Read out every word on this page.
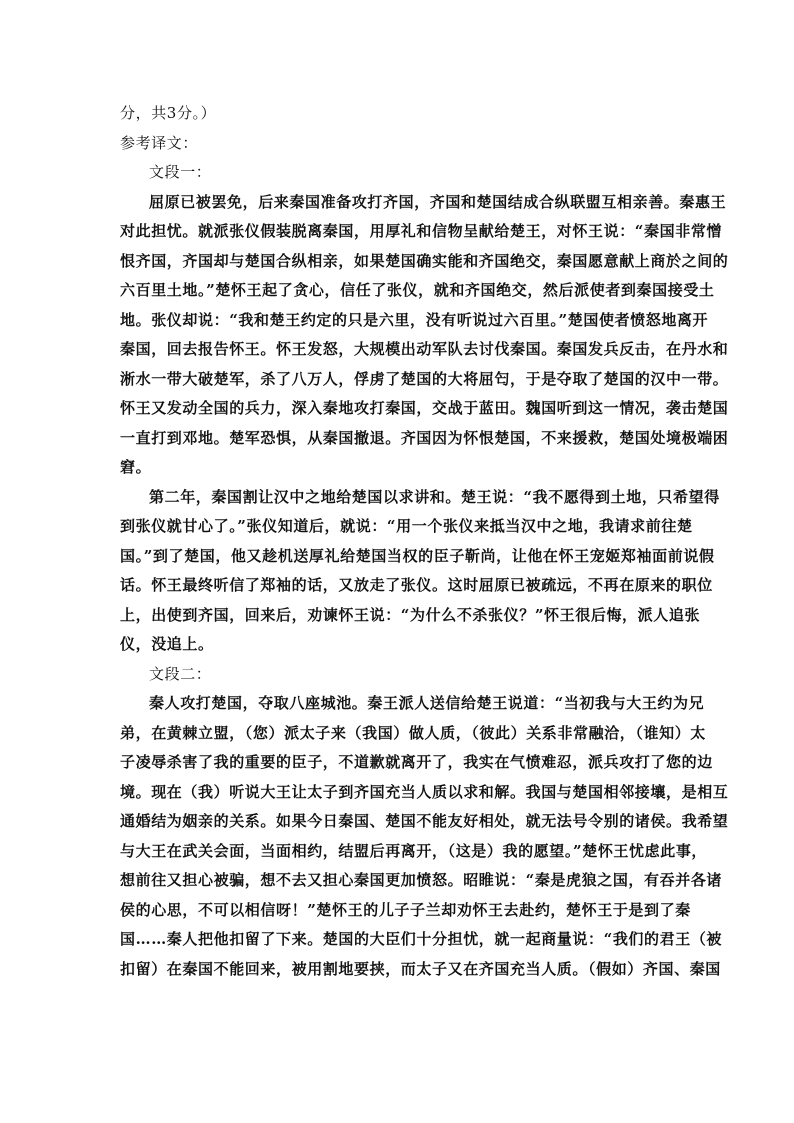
分，共3分。）
参考译文：
文段一：
屈原已被罢免，后来秦国准备攻打齐国，齐国和楚国结成合纵联盟互相亲善。秦惠王
对此担忧。就派张仪假装脱离秦国，用厚礼和信物呈献给楚王，对怀王说：“秦国非常憎
恨齐国，齐国却与楚国合纵相亲，如果楚国确实能和齐国绝交，秦国愿意献上商於之间的
六百里土地。”楚怀王起了贪心，信任了张仪，就和齐国绝交，然后派使者到秦国接受土
地。张仪却说：“我和楚王约定的只是六里，没有听说过六百里。”楚国使者愤怒地离开
秦国，回去报告怀王。怀王发怒，大规模出动军队去讨伐秦国。秦国发兵反击，在丹水和
淅水一带大破楚军，杀了八万人，俘虏了楚国的大将屈匄，于是夺取了楚国的汉中一带。
怀王又发动全国的兵力，深入秦地攻打秦国，交战于蓝田。魏国听到这一情况，袭击楚国
一直打到邓地。楚军恐惧，从秦国撤退。齐国因为怀恨楚国，不来援救，楚国处境极端困
窘。
第二年，秦国割让汉中之地给楚国以求讲和。楚王说：“我不愿得到土地，只希望得
到张仪就甘心了。”张仪知道后，就说：“用一个张仪来抵当汉中之地，我请求前往楚
国。”到了楚国，他又趁机送厚礼给楚国当权的臣子靳尚，让他在怀王宠姬郑袖面前说假
话。怀王最终听信了郑袖的话，又放走了张仪。这时屈原已被疏远，不再在原来的职位
上，出使到齐国，回来后，劝谏怀王说：“为什么不杀张仪？”怀王很后悔，派人追张
仪，没追上。
文段二：
秦人攻打楚国，夺取八座城池。秦王派人送信给楚王说道：“当初我与大王约为兄
弟，在黄棘立盟，（您）派太子来（我国）做人质，（彼此）关系非常融洽，（谁知）太
子凌辱杀害了我的重要的臣子，不道歉就离开了，我实在气愤难忍，派兵攻打了您的边
境。现在（我）听说大王让太子到齐国充当人质以求和解。我国与楚国相邻接壤，是相互
通婚结为姻亲的关系。如果今日秦国、楚国不能友好相处，就无法号令别的诸侯。我希望
与大王在武关会面，当面相约，结盟后再离开，（这是）我的愿望。”楚怀王忧虑此事，
想前往又担心被骗，想不去又担心秦国更加愤怒。昭睢说：“秦是虎狼之国，有吞并各诸
侯的心思，不可以相信呀！”楚怀王的儿子子兰却劝怀王去赴约，楚怀王于是到了秦
国……秦人把他扣留了下来。楚国的大臣们十分担忧，就一起商量说：“我们的君王（被
扣留）在秦国不能回来，被用割地要挟，而太子又在齐国充当人质。（假如）齐国、秦国
